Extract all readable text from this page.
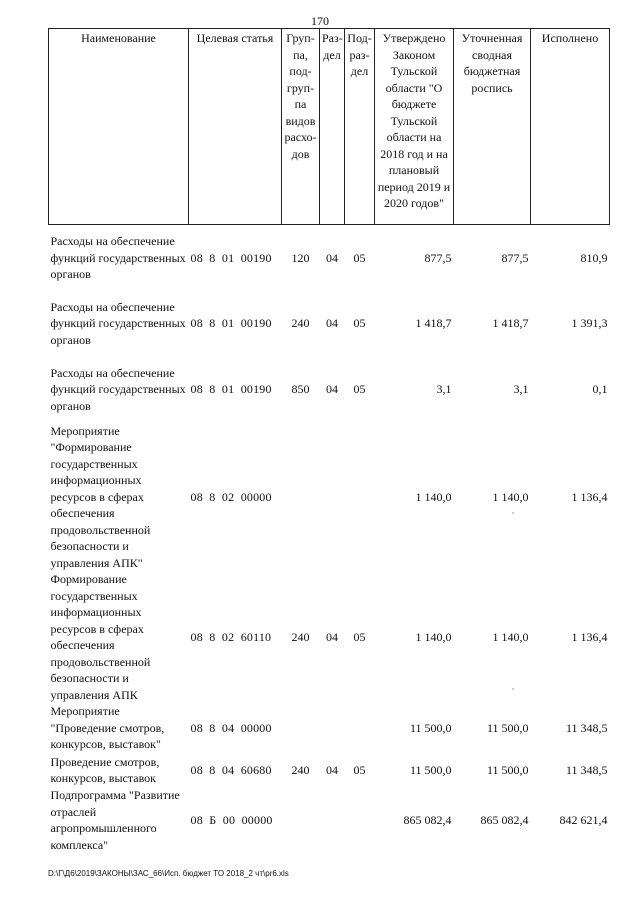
170
Наименование	Целевая статья	Груп-па, под-груп-па видов расхо-дов	Раз-дел	Под-раз-дел	Утверждено Законом Тульской области "О бюджете Тульской области на 2018 год и на плановый период 2019 и 2020 годов"	Уточненная сводная бюджетная роспись	Исполнено
Расходы на обеспечение функций государственных органов	08  8  01  00190	120	04	05	877,5	877,5	810,9
Расходы на обеспечение функций государственных органов	08  8  01  00190	240	04	05	1 418,7	1 418,7	1 391,3
Расходы на обеспечение функций государственных органов	08  8  01  00190	850	04	05	3,1	3,1	0,1
Мероприятие "Формирование государственных информационных ресурсов в сферах обеспечения продовольственной безопасности и управления АПК"	08  8  02  00000				1 140,0	1 140,0	1 136,4
Формирование государственных информационных ресурсов в сферах обеспечения продовольственной безопасности и управления АПК	08  8  02  60110	240	04	05	1 140,0	1 140,0	1 136,4
Мероприятие "Проведение смотров, конкурсов, выставок"	08  8  04  00000				11 500,0	11 500,0	11 348,5
Проведение смотров, конкурсов, выставок	08  8  04  60680	240	04	05	11 500,0	11 500,0	11 348,5
Подпрограмма "Развитие отраслей агропромышленного комплекса"	08  Б  00  00000				865 082,4	865 082,4	842 621,4
D:\Г\Д6\2019\ЗАКОНЫ\ЗАС_66\Исп. бюджет ТО 2018_2 чт\pr6.xls
